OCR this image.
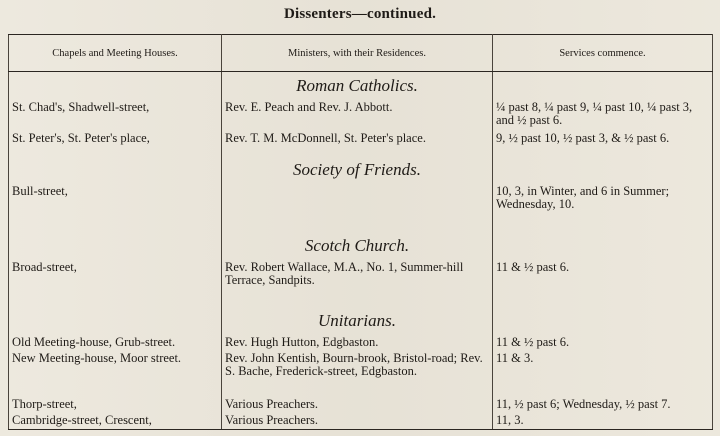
Dissenters—continued.
Chapels and Meeting Houses.	Ministers, with their Residences.	Services commence.
	Roman Catholics.	
St. Chad's, Shadwell-street,	Rev. E. Peach and Rev. J. Abbott.	¼ past 8, ¼ past 9, ¼ past 10, ¼ past 3, and ½ past 6.
St. Peter's, St. Peter's place,	Rev. T. M. McDonnell, St. Peter's place.	9, ½ past 10, ½ past 3, & ½ past 6.
	Society of Friends.	
Bull-street,		10, 3, in Winter, and 6 in Summer; Wednesday, 10.
	Scotch Church.	
Broad-street,	Rev. Robert Wallace, M.A., No. 1, Summer-hill Terrace, Sandpits.	11 & ½ past 6.
	Unitarians.	
Old Meeting-house, Grub-street.	Rev. Hugh Hutton, Edgbaston.	11 & ½ past 6.
New Meeting-house, Moor street.	Rev. John Kentish, Bourn-brook, Bristol-road; Rev. S. Bache, Frederick-street, Edgbaston.	11 & 3.
Thorp-street,	Various Preachers.	11, ½ past 6; Wednesday, ½ past 7.
Cambridge-street, Crescent,	Various Preachers.	11, 3.
